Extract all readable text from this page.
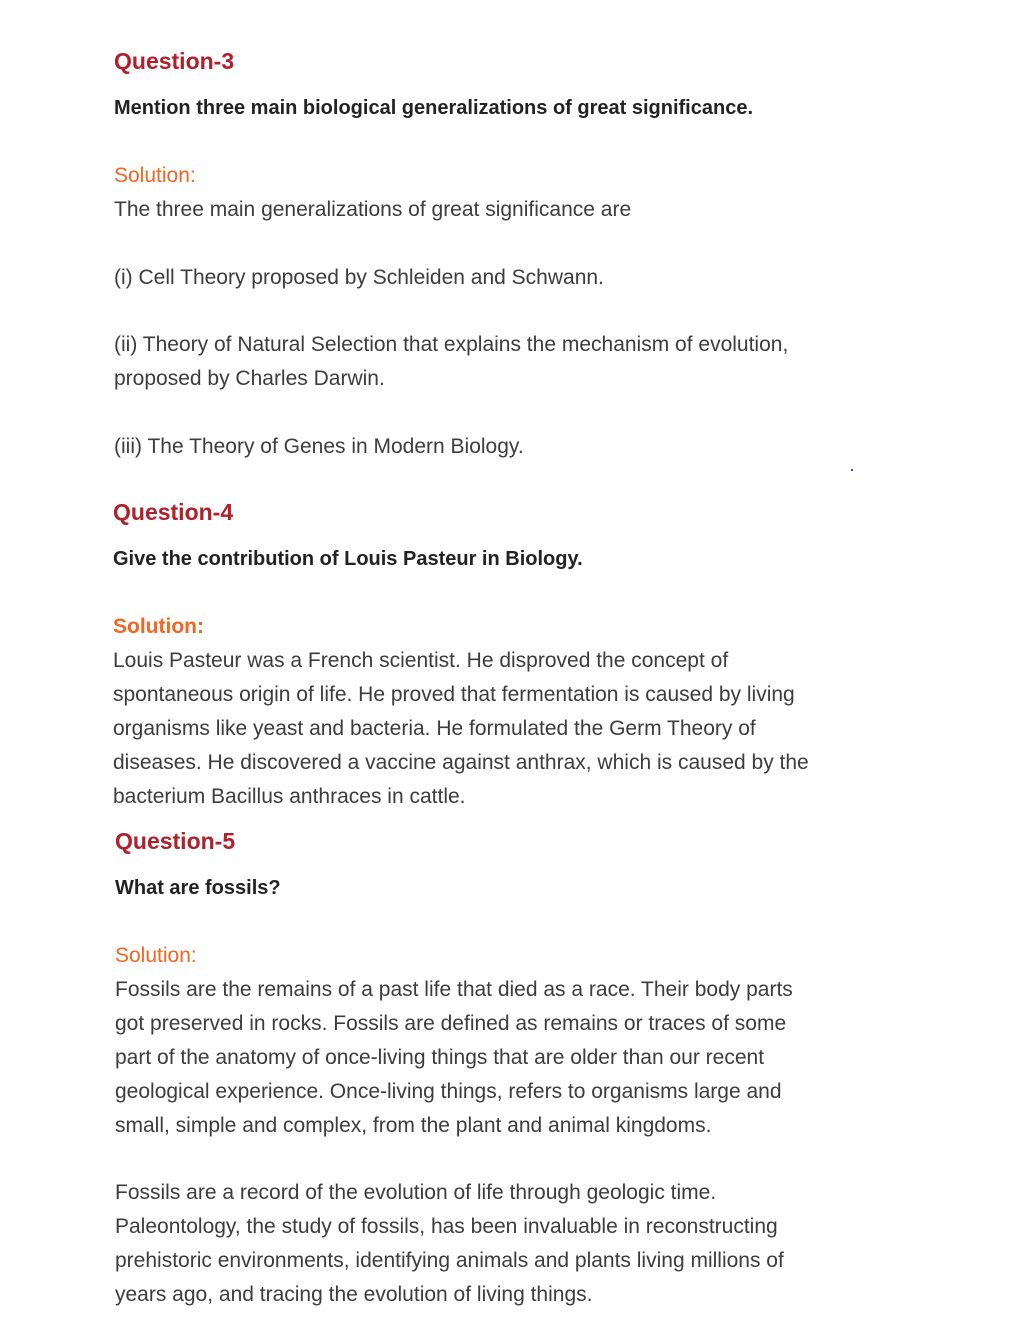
Question-3

Mention three main biological generalizations of great significance.

Solution:

The three main generalizations of great significance are

(i) Cell Theory proposed by Schleiden and Schwann.

(ii) Theory of Natural Selection that explains the mechanism of evolution,
proposed by Charles Darwin.

(iii) The Theory of Genes in Modern Biology.

Question-4

Give the contribution of Louis Pasteur in Biology.

Solution:

Louis Pasteur was a French scientist. He disproved the concept of
spontaneous origin of life. He proved that fermentation is caused by living
organisms like yeast and bacteria. He formulated the Germ Theory of
diseases. He discovered a vaccine against anthrax, which is caused by the
bacterium Bacillus anthraces in cattle.

Question-5

What are fossils?

Solution:

Fossils are the remains of a past life that died as a race. Their body parts
got preserved in rocks. Fossils are defined as remains or traces of some
part of the anatomy of once-living things that are older than our recent
geological experience. Once-living things, refers to organisms large and
small, simple and complex, from the plant and animal kingdoms.

Fossils are a record of the evolution of life through geologic time.
Paleontology, the study of fossils, has been invaluable in reconstructing
prehistoric environments, identifying animals and plants living millions of
years ago, and tracing the evolution of living things.
